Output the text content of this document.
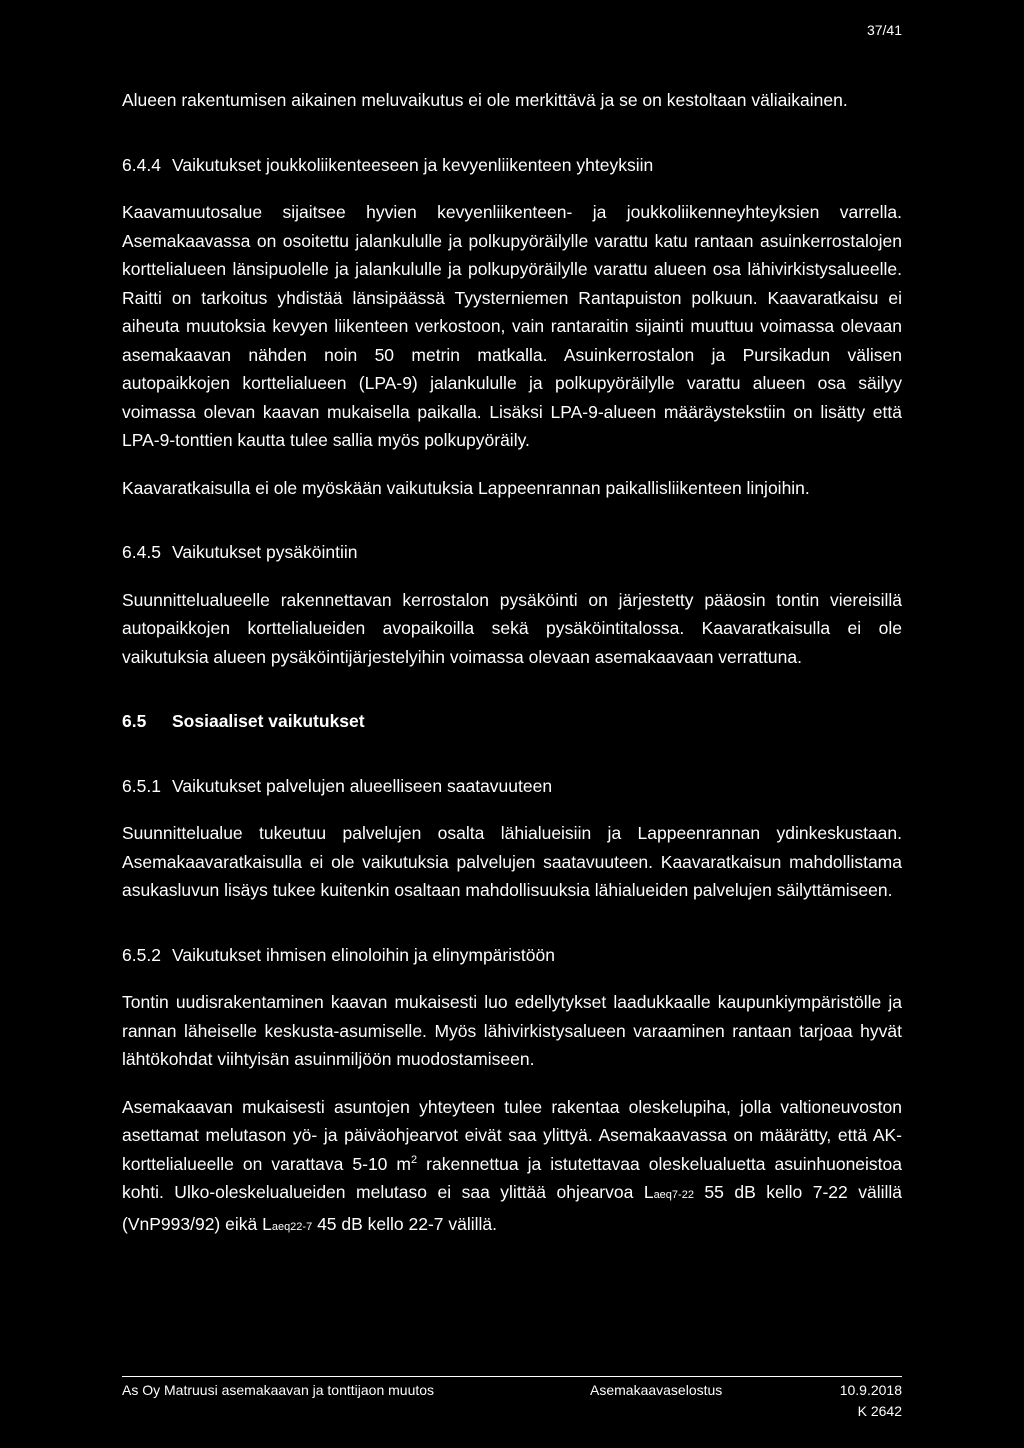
37/41

Alueen rakentumisen aikainen meluvaikutus ei ole merkittävä ja se on kestoltaan väliaikainen.

6.4.4 Vaikutukset joukkoliikenteeseen ja kevyenliikenteen yhteyksiin

Kaavamuutosalue sijaitsee hyvien kevyenliikenteen- ja joukkoliikenneyhteyksien varrella. Asemakaavassa on osoitettu jalankululle ja polkupyöräilylle varattu katu rantaan asuinkerrostalojen korttelialueen länsipuolelle ja jalankululle ja polkupyöräilylle varattu alueen osa lähivirkistysalueelle. Raitti on tarkoitus yhdistää länsipäässä Tyysterniemen Rantapuiston polkuun. Kaavaratkaisu ei aiheuta muutoksia kevyen liikenteen verkostoon, vain rantaraitin sijainti muuttuu voimassa olevaan asemakaavan nähden noin 50 metrin matkalla. Asuinkerrostalon ja Pursikadun välisen autopaikkojen korttelialueen (LPA-9) jalankululle ja polkupyöräilylle varattu alueen osa säilyy voimassa olevan kaavan mukaisella paikalla. Lisäksi LPA-9-alueen määräystekstiin on lisätty että LPA-9-tonttien kautta tulee sallia myös polkupyöräily.

Kaavaratkaisulla ei ole myöskään vaikutuksia Lappeenrannan paikallisliikenteen linjoihin.

6.4.5 Vaikutukset pysäköintiin

Suunnittelualueelle rakennettavan kerrostalon pysäköinti on järjestetty pääosin tontin viereisillä autopaikkojen korttelialueiden avopaikoilla sekä pysäköintitalossa. Kaavaratkaisulla ei ole vaikutuksia alueen pysäköintijärjestelyihin voimassa olevaan asemakaavaan verrattuna.

6.5 Sosiaaliset vaikutukset
6.5.1 Vaikutukset palvelujen alueelliseen saatavuuteen

Suunnittelualue tukeutuu palvelujen osalta lähialueisiin ja Lappeenrannan ydinkeskustaan. Asemakaavaratkaisulla ei ole vaikutuksia palvelujen saatavuuteen. Kaavaratkaisun mahdollistama asukasluvun lisäys tukee kuitenkin osaltaan mahdollisuuksia lähialueiden palvelujen säilyttämiseen.

6.5.2 Vaikutukset ihmisen elinoloihin ja elinympäristöön

Tontin uudisrakentaminen kaavan mukaisesti luo edellytykset laadukkaalle kaupunkiympäristölle ja rannan läheiselle keskusta-asumiselle. Myös lähivirkistysalueen varaaminen rantaan tarjoaa hyvät lähtökohdat viihtyisän asuinmiljöön muodostamiseen.

Asemakaavan mukaisesti asuntojen yhteyteen tulee rakentaa oleskelupiha, jolla valtioneuvoston asettamat melutason yö- ja päiväohjearvot eivät saa ylittyä. Asemakaavassa on määrätty, että AK-korttelialueelle on varattava 5-10 $m^2$ rakennettua ja istutettavaa oleskelualuetta asuinhuoneistoa kohti. Ulko-oleskelualueiden melutaso ei saa ylittää ohjearvoa Laeq7-22 55 dB kello 7-22 välillä (VnP993/92) eikä Laeq22-7 45 dB kello 22-7 välillä.

As Oy Matruusi asemakaavan ja tonttijaon muutos	Asemakaavaselostus	10.9.2018
K 2642
